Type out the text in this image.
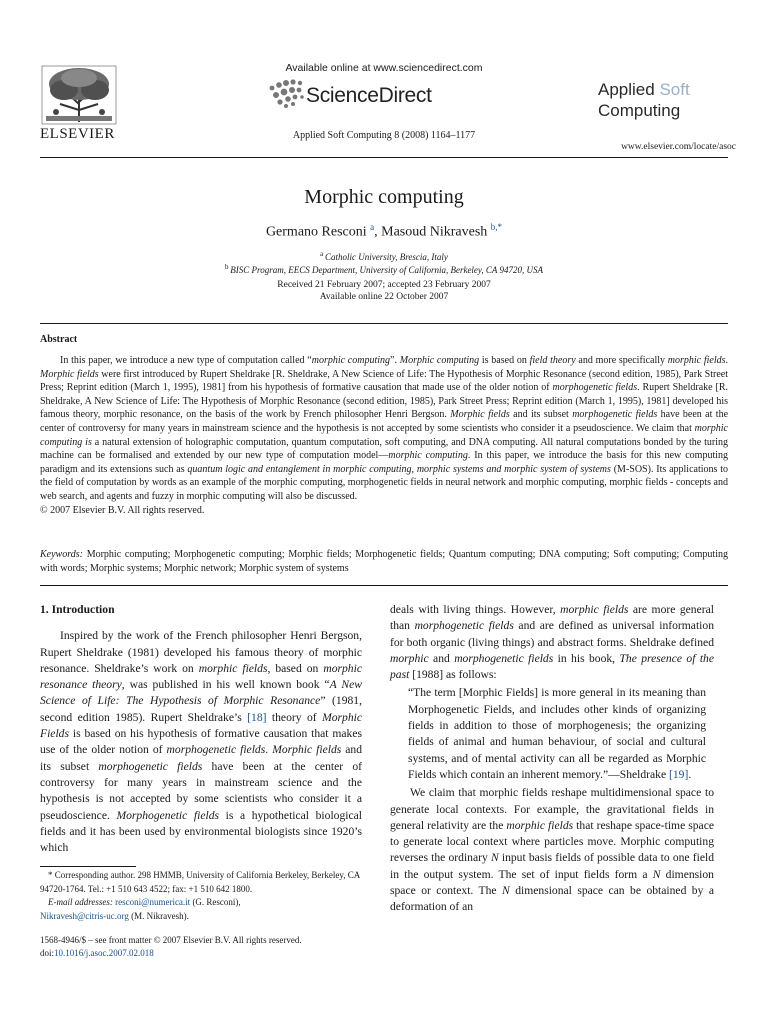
ELSEVIER
Available online at www.sciencedirect.com
ScienceDirect
Applied Soft Computing 8 (2008) 1164–1177
Applied Soft
Computing
www.elsevier.com/locate/asoc
Morphic computing
Germano Resconi $^a$, Masoud Nikravesh $^{b,*}$
$^a$  Catholic University, Brescia, Italy
$^b$  BISC Program, EECS Department, University of California, Berkeley, CA 94720, USA
Received 21 February 2007; accepted 23 February 2007
Available online 22 October 2007
Abstract

In this paper, we introduce a new type of computation called “morphic computing”. Morphic computing is based on field theory and more specifically morphic fields. Morphic fields were first introduced by Rupert Sheldrake [R. Sheldrake, A New Science of Life: The Hypothesis of Morphic Resonance (second edition, 1985), Park Street Press; Reprint edition (March 1, 1995), 1981] from his hypothesis of formative causation that made use of the older notion of morphogenetic fields. Rupert Sheldrake [R. Sheldrake, A New Science of Life: The Hypothesis of Morphic Resonance (second edition, 1985), Park Street Press; Reprint edition (March 1, 1995), 1981] developed his famous theory, morphic resonance, on the basis of the work by French philosopher Henri Bergson. Morphic fields and its subset morphogenetic fields have been at the center of controversy for many years in mainstream science and the hypothesis is not accepted by some scientists who consider it a pseudoscience. We claim that morphic computing is a natural extension of holographic computation, quantum computation, soft computing, and DNA computing. All natural computations bonded by the turing machine can be formalised and extended by our new type of computation model—morphic computing. In this paper, we introduce the basis for this new computing paradigm and its extensions such as quantum logic and entanglement in morphic computing, morphic systems and morphic system of systems (M-SOS). Its applications to the field of computation by words as an example of the morphic computing, morphogenetic fields in neural network and morphic computing, morphic fields - concepts and web search, and agents and fuzzy in morphic computing will also be discussed.

© 2007 Elsevier B.V. All rights reserved.
Keywords: Morphic computing; Morphogenetic computing; Morphic fields; Morphogenetic fields; Quantum computing; DNA computing; Soft computing; Computing with words; Morphic systems; Morphic network; Morphic system of systems
1. Introduction

Inspired by the work of the French philosopher Henri Bergson, Rupert Sheldrake (1981) developed his famous theory of morphic resonance. Sheldrake’s work on morphic fields, based on morphic resonance theory, was published in his well known book “A New Science of Life: The Hypothesis of Morphic Resonance” (1981, second edition 1985). Rupert Sheldrake’s [18] theory of Morphic Fields is based on his hypothesis of formative causation that makes use of the older notion of morphogenetic fields. Morphic fields and its subset morphogenetic fields have been at the center of controversy for many years in mainstream science and the hypothesis is not accepted by some scientists who consider it a pseudoscience. Morphogenetic fields is a hypothetical biological fields and it has been used by environmental biologists since 1920’s which

* Corresponding author. 298 HMMB, University of California Berkeley, Berkeley, CA 94720-1764. Tel.: +1 510 643 4522; fax: +1 510 642 1800.

E-mail addresses: resconi@numerica.it (G. Resconi),

Nikravesh@citris-uc.org (M. Nikravesh).

1568-4946/$ – see front matter © 2007 Elsevier B.V. All rights reserved.
doi:10.1016/j.asoc.2007.02.018

deals with living things. However, morphic fields are more general than morphogenetic fields and are defined as universal information for both organic (living things) and abstract forms. Sheldrake defined morphic and morphogenetic fields in his book, The presence of the past [1988] as follows:

“The term [Morphic Fields] is more general in its meaning than Morphogenetic Fields, and includes other kinds of organizing fields in addition to those of morphogenesis; the organizing fields of animal and human behaviour, of social and cultural systems, and of mental activity can all be regarded as Morphic Fields which contain an inherent memory.”—Sheldrake [19].

We claim that morphic fields reshape multidimensional space to generate local contexts. For example, the gravitational fields in general relativity are the morphic fields that reshape space-time space to generate local context where particles move. Morphic computing reverses the ordinary N input basis fields of possible data to one field in the output system. The set of input fields form a N dimension space or context. The N dimensional space can be obtained by a deformation of an
